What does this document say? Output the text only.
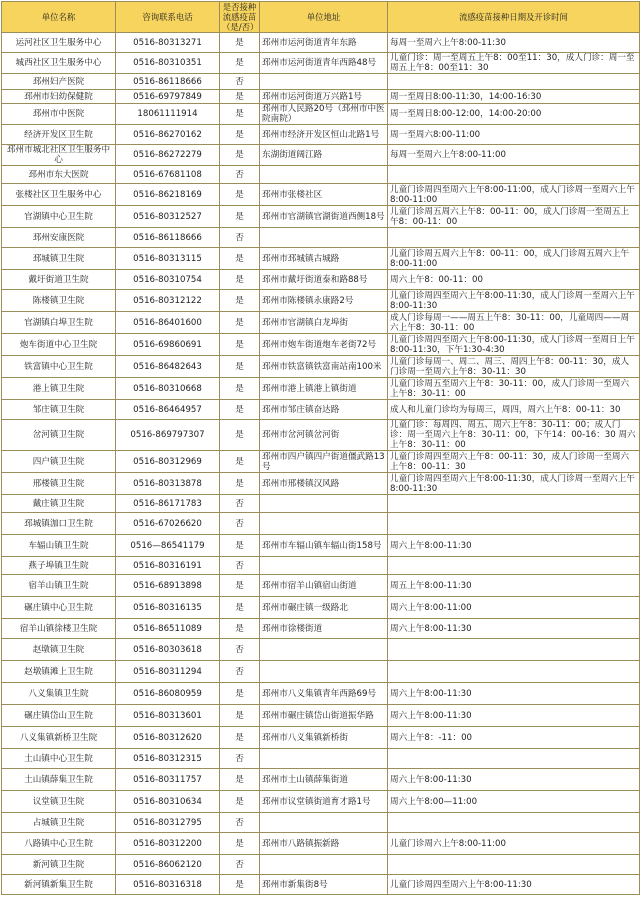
单位名称	咨询联系电话	是否接种流感疫苗（是/否）	单位地址	流感疫苗接种日期及开诊时间
运河社区卫生服务中心	0516-80313271	是	邳州市运河街道青年东路	每周一至周六上午8:00-11:30
城西社区卫生服务中心	0516-80310351	是	邳州市运河街道青年西路48号	儿童门诊：周一至周五上午8：00至11：30，成人门诊：周一至周五上午8：00至11：30
邳州妇产医院	0516-86118666	否		
邳州市妇幼保健院	0516-69797849	是	邳州市运河街道万兴路1号	周一至周日8:00-11:30，14:00-16:30
邳州市中医院	18061111914	是	邳州市人民路20号（邳州市中医院南院）	周一至周日8:00-12:00，14:00-20:00
经济开发区卫生院	0516-86270162	是	邳州市经济开发区恒山北路1号	周一至周六8:00-11:00
邳州市城北社区卫生服务中心	0516-86272279	是	东湖街道阔江路	每周一至周六上午8:00-11:00
邳州市东大医院	0516-67681108	否		
张楼社区卫生服务中心	0516-86218169	是	邳州市张楼社区	儿童门诊周四至周六上午8:00-11:00，成人门诊周一至周六上午8:00-11:00
官湖镇中心卫生院	0516-80312527	是	邳州市官湖镇官湖街道西侧18号	儿童门诊周五周六上午8：00-11：00，成人门诊周一至周五上午8：00-11：00
邳州安康医院	0516-86118666	否		
邳城镇卫生院	0516-80313115	是	邳州市邳城镇古城路	儿童门诊周五周六上午8：00-11：00，成人门诊周五周六上午8:00-11:00
戴圩街道卫生院	0516-80310754	是	邳州市戴圩街道泰和路88号	周六上午8：00-11：00
陈楼镇卫生院	0516-80312122	是	邳州市陈楼镇永康路2号	儿童门诊周四至周六上午8:00-11:30，成人门诊周一至周六上午8:00-11:30
官湖镇白埠卫生院	0516-86401600	是	邳州市官湖镇白龙埠街	成人门诊每周一——周五上午8：30-11：00，儿童周四——周六上午8：30-11：00
炮车街道中心卫生院	0516-69860691	是	邳州市炮车街道炮车老街72号	儿童门诊周四至周六上午8:00-11:30，成人门诊周一至周日上午8:00-11:30，下午1:30-4:30
铁富镇中心卫生院	0516-86482643	是	邳州市铁富镇铁富南站南100米	儿童门诊每周一、周二、周三、周四上午8：00-11：30，成人门诊周一至周六上午8：30-11：30
港上镇卫生院	0516-80310668	是	邳州市港上镇港上镇街道	儿童门诊周五至周六上午8：30-11：00，成人门诊周一至周六上午8：30-11：00
邹庄镇卫生院	0516-86464957	是	邳州市邹庄镇奋达路	成人和儿童门诊均为每周三，周四，周六上午8：00-11：30
岔河镇卫生院	0516-869797307	是	邳州市岔河镇岔河街	儿童门诊：每周四、周五、周六上午8：30-11：00；成人门诊：周一至周六上午8：30-11：00，下午14：00-16：30 周六上午8：30-11：00
四户镇卫生院	0516-80312969	是	邳州市四户镇四户街道僵武路13号	儿童门诊周四至周六上午8：00-11：30，成人门诊周一至周六上午8：00-11：30
邢楼镇卫生院	0516-80313878	是	邳州市邢楼镇汉风路	儿童门诊周四至周六上午8:00-11:30，成人门诊周一至周六上午8:00-11:30
戴庄镇卫生院	0516-86171783	否		
邳城镇泇口卫生院	0516-67026620	否		
车辐山镇卫生院	0516—86541179	是	邳州市车辐山镇车辐山街158号	周六上午8:00-11:30
燕子埠镇卫生院	0516-80316191	否		
宿羊山镇卫生院	0516-68913898	是	邳州市宿羊山镇宿山街道	周五上午8:00-11:30
碾庄镇中心卫生院	0516-80316135	是	邳州市碾庄镇一级路北	周六上午8:00-11:00
宿羊山镇徐楼卫生院	0516-86511089	是	邳州市徐楼街道	周六上午8:00-11:30
赵墩镇卫生院	0516-80303618	否		
赵墩镇滩上卫生院	0516-80311294	否		
八义集镇卫生院	0516-86080959	是	邳州市八义集镇青年西路69号	周六上午8:00-11:30
碾庄镇岱山卫生院	0516-80313601	是	邳州市碾庄镇岱山街道振华路	周六上午8:00-11:30
八义集镇新桥卫生院	0516-80312620	是	邳州市八义集镇新桥街	周六上午8：-11：00
土山镇中心卫生院	0516-80312315	否		
土山镇薛集卫生院	0516-80311757	是	邳州市土山镇薛集街道	周六上午8:00-11:30
议堂镇卫生院	0516-80310634	是	邳州市议堂镇街道育才路1号	周六上午8:00—11:00
占城镇卫生院	0516-80312795	否		
八路镇中心卫生院	0516-80312200	是	邳州市八路镇振新路	儿童门诊周六上午8:00-11:00
新河镇卫生院	0516-86062120	否		
新河镇新集卫生院	0516-80316318	是	邳州市新集街8号	儿童门诊周四至周六上午8:00-11:30
